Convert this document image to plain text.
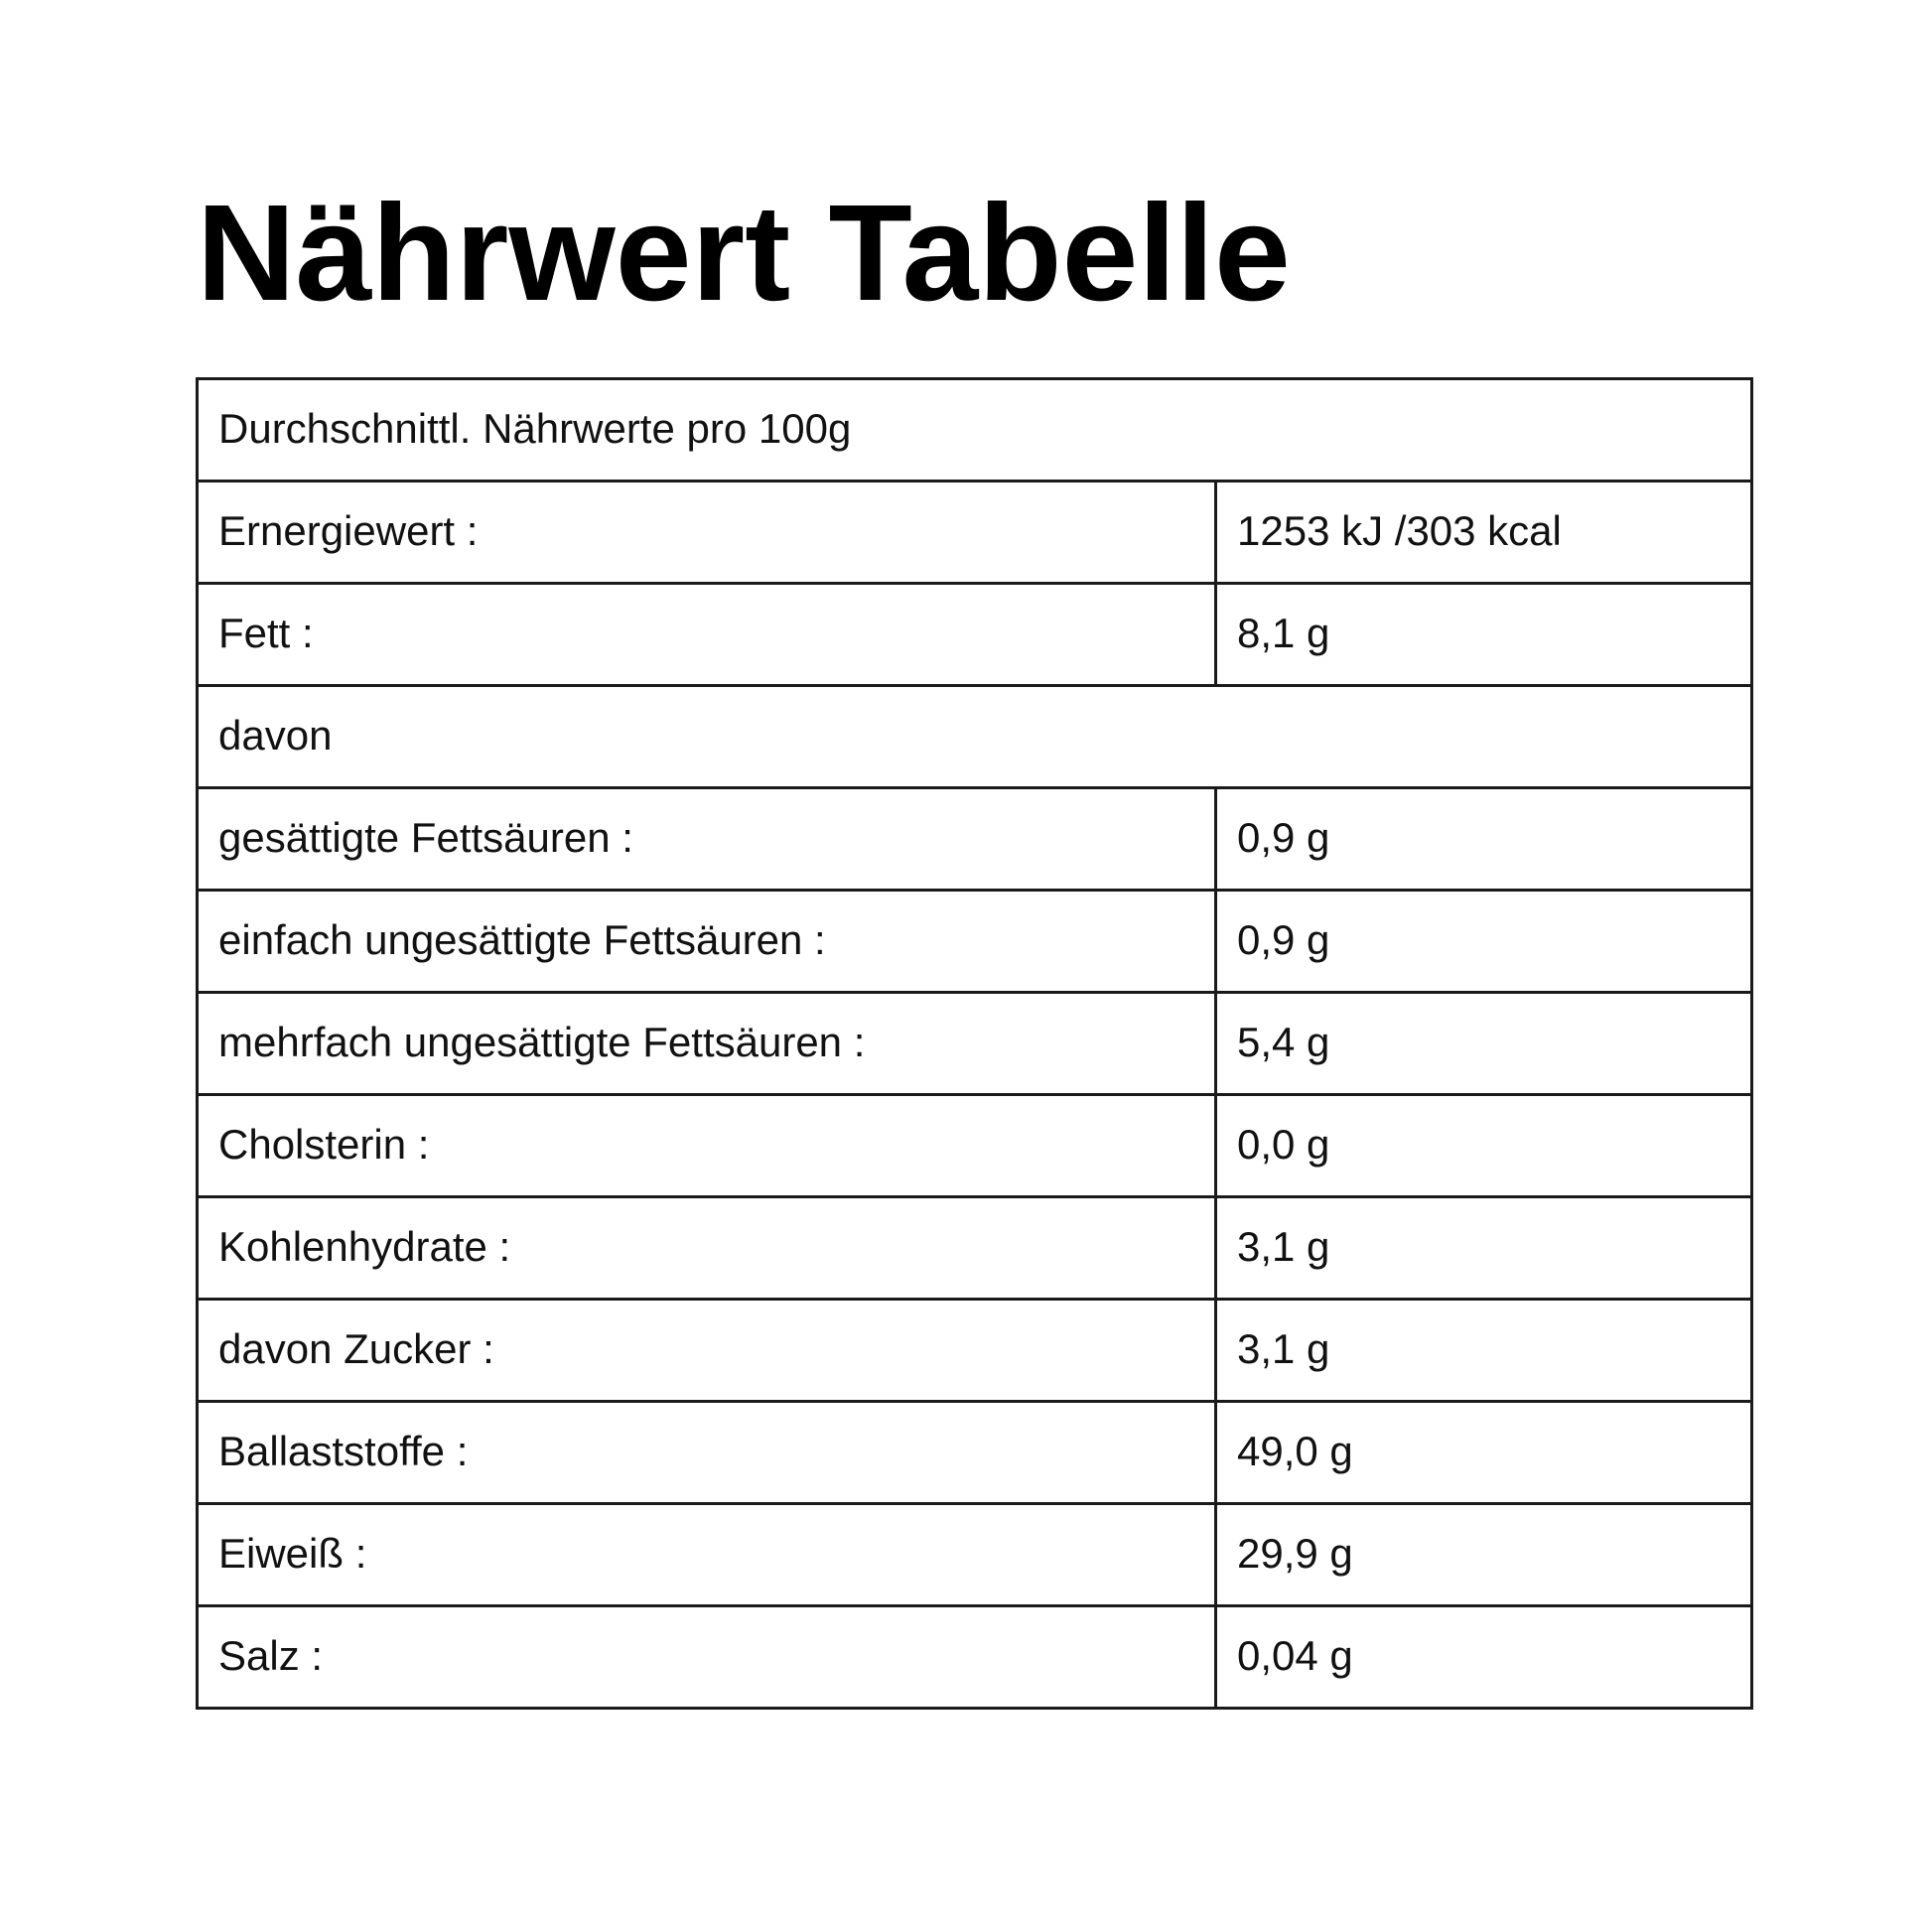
Nährwert Tabelle
Durchschnittl. Nährwerte pro 100g	
Ernergiewert :	1253 kJ /303 kcal
Fett :	8,1 g
davon	
gesättigte Fettsäuren :	0,9 g
einfach ungesättigte Fettsäuren :	0,9 g
mehrfach ungesättigte Fettsäuren :	5,4 g
Cholsterin :	0,0 g
Kohlenhydrate :	3,1 g
davon Zucker :	3,1 g
Ballaststoffe :	49,0 g
Eiweiß :	29,9 g
Salz :	0,04 g
